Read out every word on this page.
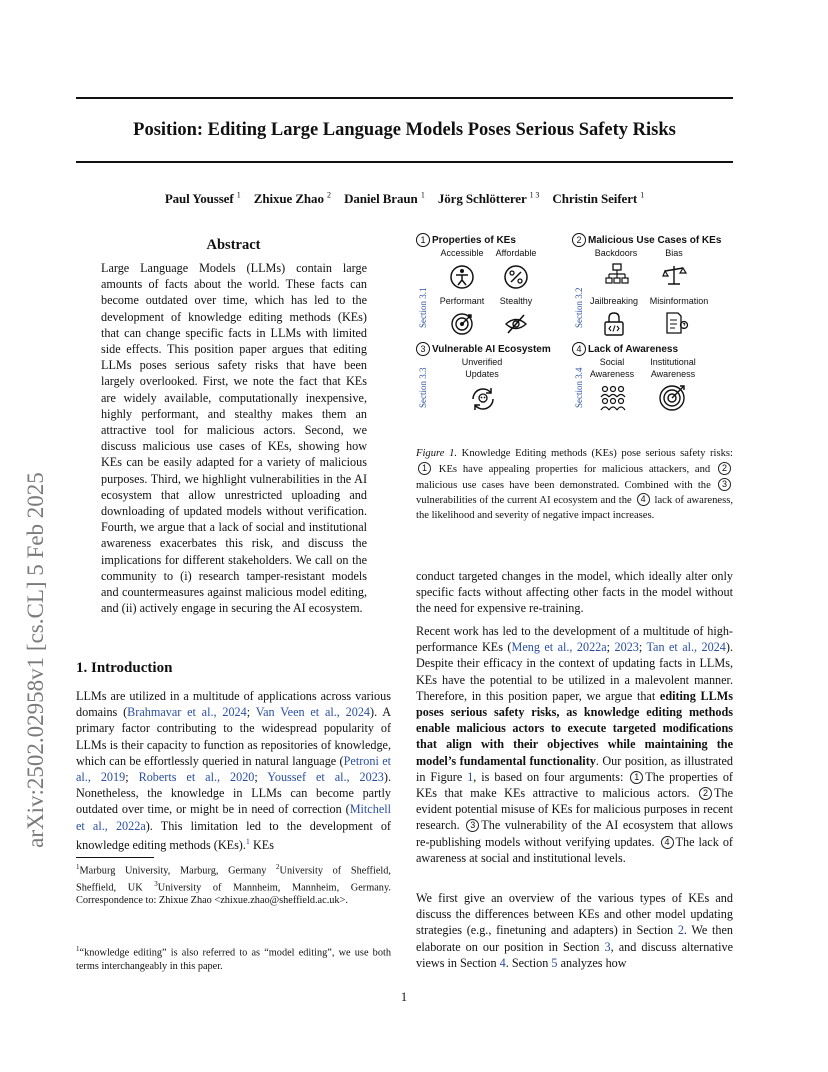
Position: Editing Large Language Models Poses Serious Safety Risks
Paul Youssef $^1$ Zhixue Zhao $^2$ Daniel Braun $^1$ Jörg Schlötterer $^{1 3}$ Christin Seifert $^1$
arXiv:2502.02958v1 [cs.CL] 5 Feb 2025
Abstract
Large Language Models (LLMs) contain large amounts of facts about the world. These facts can become outdated over time, which has led to the development of knowledge editing methods (KEs) that can change specific facts in LLMs with limited side effects. This position paper argues that editing LLMs poses serious safety risks that have been largely overlooked. First, we note the fact that KEs are widely available, computationally inexpensive, highly performant, and stealthy makes them an attractive tool for malicious actors. Second, we discuss malicious use cases of KEs, showing how KEs can be easily adapted for a variety of malicious purposes. Third, we highlight vulnerabilities in the AI ecosystem that allow unrestricted uploading and downloading of updated models without verification. Fourth, we argue that a lack of social and institutional awareness exacerbates this risk, and discuss the implications for different stakeholders. We call on the community to (i) research tamper-resistant models and countermeasures against malicious model editing, and (ii) actively engage in securing the AI ecosystem.
1. Introduction
LLMs are utilized in a multitude of applications across various domains (Brahmavar et al., 2024; Van Veen et al., 2024). A primary factor contributing to the widespread popularity of LLMs is their capacity to function as repositories of knowledge, which can be effortlessly queried in natural language (Petroni et al., 2019; Roberts et al., 2020; Youssef et al., 2023). Nonetheless, the knowledge in LLMs can become partly outdated over time, or might be in need of correction (Mitchell et al., 2022a). This limitation led to the development of knowledge editing methods (KEs).$^1$ KEs
$^1$Marburg University, Marburg, Germany $^2$University of Sheffield, Sheffield, UK $^3$University of Mannheim, Mannheim, Germany. Correspondence to: Zhixue Zhao <zhixue.zhao@sheffield.ac.uk>.
$^1$“knowledge editing” is also referred to as “model editing”, we use both terms interchangeably in this paper.
1 Properties of KEs
Section 3.1
Accessible	Affordable
Performant	Stealthy
2 Malicious Use Cases of KEs
Section 3.2
Backdoors	Bias
Jailbreaking	Misinformation
3 Vulnerable AI Ecosystem
Section 3.3
Unverified
Updates
4 Lack of Awareness
Section 3.4
Social
Awareness
Institutional
Awareness
Figure 1. Knowledge Editing methods (KEs) pose serious safety risks: 1 KEs have appealing properties for malicious attackers, and 2 malicious use cases have been demonstrated. Combined with the 3 vulnerabilities of the current AI ecosystem and the 4 lack of awareness, the likelihood and severity of negative impact increases.
conduct targeted changes in the model, which ideally alter only specific facts without affecting other facts in the model without the need for expensive re-training.
Recent work has led to the development of a multitude of high-performance KEs (Meng et al., 2022a; 2023; Tan et al., 2024). Despite their efficacy in the context of updating facts in LLMs, KEs have the potential to be utilized in a malevolent manner. Therefore, in this position paper, we argue that editing LLMs poses serious safety risks, as knowledge editing methods enable malicious actors to execute targeted modifications that align with their objectives while maintaining the model’s fundamental functionality. Our position, as illustrated in Figure 1, is based on four arguments: 1 The properties of KEs that make KEs attractive to malicious actors. 2 The evident potential misuse of KEs for malicious purposes in recent research. 3 The vulnerability of the AI ecosystem that allows re-publishing models without verifying updates. 4 The lack of awareness at social and institutional levels.
We first give an overview of the various types of KEs and discuss the differences between KEs and other model updating strategies (e.g., finetuning and adapters) in Section 2. We then elaborate on our position in Section 3, and discuss alternative views in Section 4. Section 5 analyzes how
1
